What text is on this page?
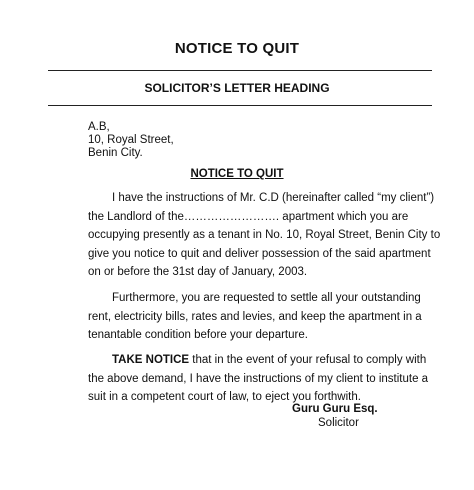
NOTICE TO QUIT
SOLICITOR’S LETTER HEADING
A.B,
10, Royal Street,
Benin City.
NOTICE TO QUIT
I have the instructions of Mr. C.D (hereinafter called “my client”)
the Landlord of the……………………. apartment which you are
occupying presently as a tenant in No. 10, Royal Street, Benin City to
give you notice to quit and deliver possession of the said apartment
on or before the 31st day of January, 2003.
Furthermore, you are requested to settle all your outstanding
rent, electricity bills, rates and levies, and keep the apartment in a
tenantable condition before your departure.
TAKE NOTICE that in the event of your refusal to comply with
the above demand, I have the instructions of my client to institute a
suit in a competent court of law, to eject you forthwith.
Guru Guru Esq.
Solicitor
